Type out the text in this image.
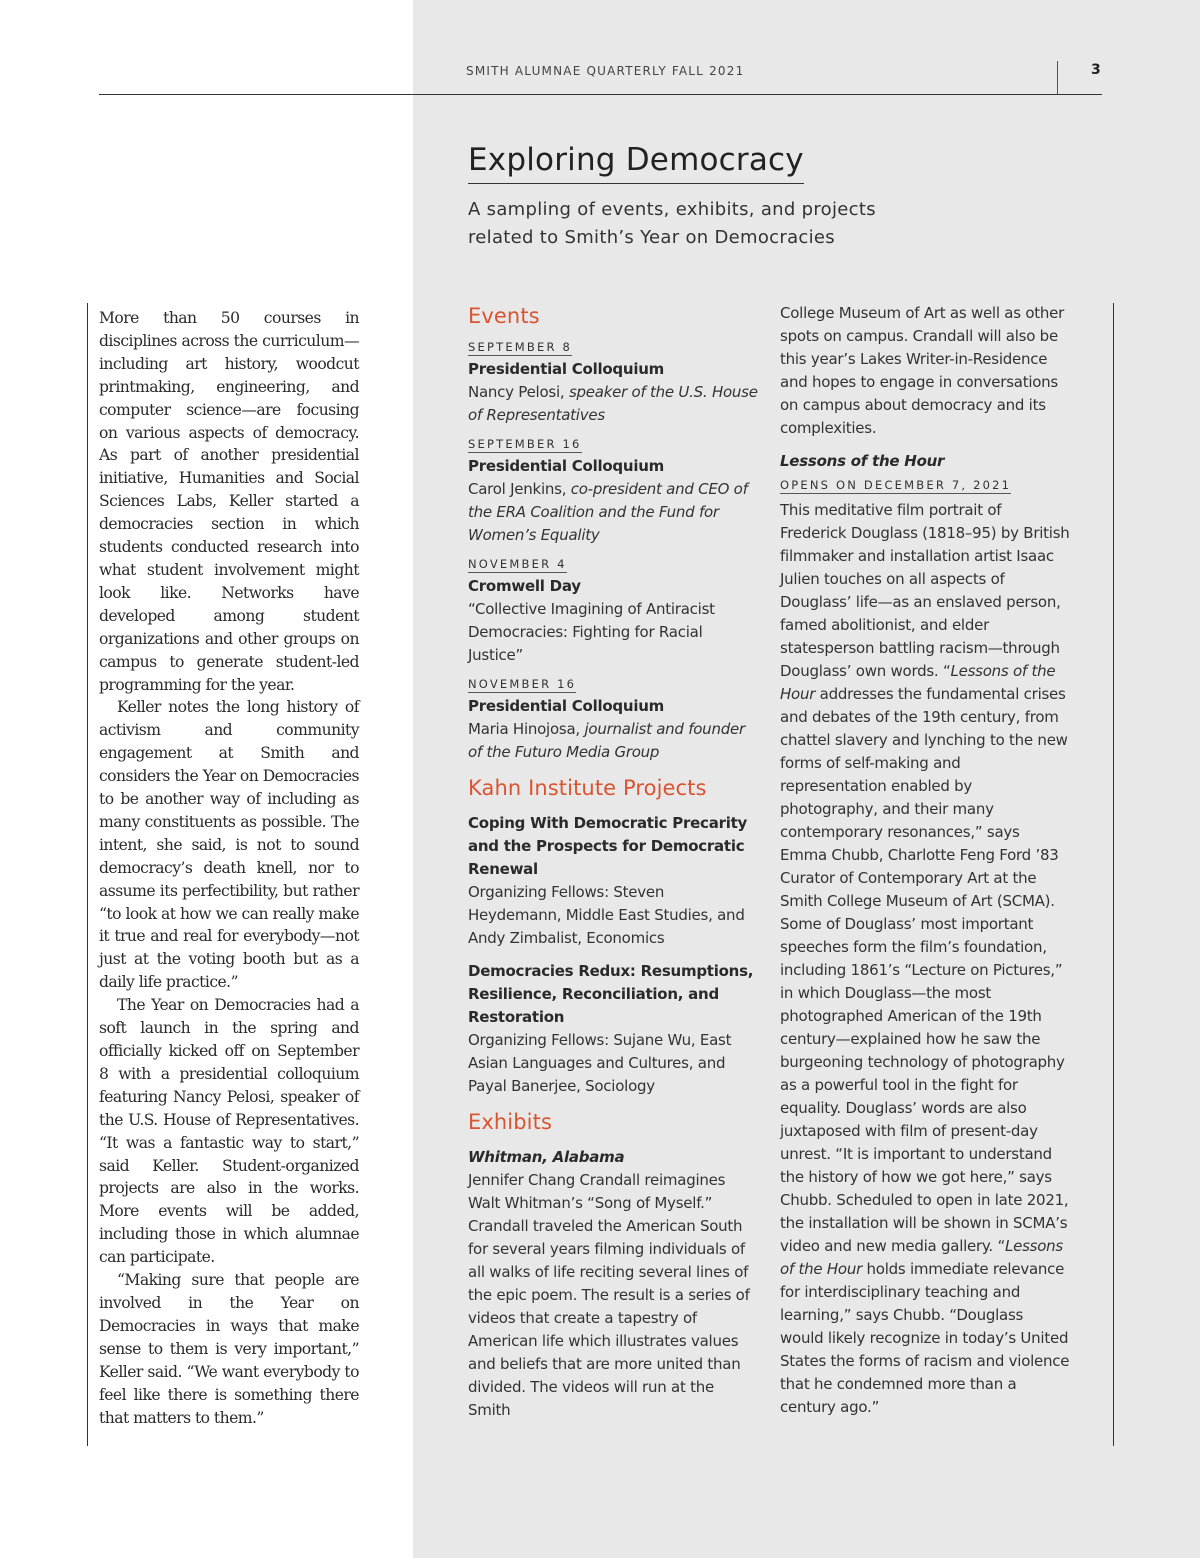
SMITH ALUMNAE QUARTERLY FALL 2021	3
Exploring Democracy

A sampling of events, exhibits, and projects related to Smith’s Year on Democracies

More than 50 courses in disciplines across the curriculum—including art history, woodcut printmaking, engineering, and computer science—are focusing on various aspects of democracy. As part of another presidential initiative, Humanities and Social Sciences Labs, Keller started a democracies section in which students conducted research into what student involvement might look like. Networks have developed among student organizations and other groups on campus to generate student-led programming for the year.

Keller notes the long history of activism and community engagement at Smith and considers the Year on Democracies to be another way of including as many constituents as possible. The intent, she said, is not to sound democracy’s death knell, nor to assume its perfectibility, but rather “to look at how we can really make it true and real for everybody—not just at the voting booth but as a daily life practice.”

The Year on Democracies had a soft launch in the spring and officially kicked off on September 8 with a presidential colloquium featuring Nancy Pelosi, speaker of the U.S. House of Representatives. “It was a fantastic way to start,” said Keller. Student-organized projects are also in the works. More events will be added, including those in which alumnae can participate.

“Making sure that people are involved in the Year on Democracies in ways that make sense to them is very important,” Keller said. “We want everybody to feel like there is something there that matters to them.”

Events
SEPTEMBER 8

Presidential Colloquium

Nancy Pelosi, speaker of the U.S. House of Representatives

SEPTEMBER 16

Presidential Colloquium

Carol Jenkins, co-president and CEO of the ERA Coalition and the Fund for Women’s Equality

NOVEMBER 4

Cromwell Day

“Collective Imagining of Antiracist Democracies: Fighting for Racial Justice”

NOVEMBER 16

Presidential Colloquium

Maria Hinojosa, journalist and founder of the Futuro Media Group

Kahn Institute Projects

Coping With Democratic Precarity and the Prospects for Democratic Renewal

Organizing Fellows: Steven Heydemann, Middle East Studies, and Andy Zimbalist, Economics

Democracies Redux: Resumptions, Resilience, Reconciliation, and Restoration

Organizing Fellows: Sujane Wu, East Asian Languages and Cultures, and Payal Banerjee, Sociology

Exhibits

Whitman, Alabama

Jennifer Chang Crandall reimagines Walt Whitman’s “Song of Myself.” Crandall traveled the American South for several years filming individuals of all walks of life reciting several lines of the epic poem. The result is a series of videos that create a tapestry of American life which illustrates values and beliefs that are more united than divided. The videos will run at the Smith

College Museum of Art as well as other spots on campus. Crandall will also be this year’s Lakes Writer-in-Residence and hopes to engage in conversations on campus about democracy and its complexities.

Lessons of the Hour

OPENS ON DECEMBER 7, 2021

This meditative film portrait of Frederick Douglass (1818–95) by British filmmaker and installation artist Isaac Julien touches on all aspects of Douglass’ life—as an enslaved person, famed abolitionist, and elder statesperson battling racism—through Douglass’ own words. “Lessons of the Hour addresses the fundamental crises and debates of the 19th century, from chattel slavery and lynching to the new forms of self-making and representation enabled by photography, and their many contemporary resonances,” says Emma Chubb, Charlotte Feng Ford ’83 Curator of Contemporary Art at the Smith College Museum of Art (SCMA). Some of Douglass’ most important speeches form the film’s foundation, including 1861’s “Lecture on Pictures,” in which Douglass—the most photographed American of the 19th century—explained how he saw the burgeoning technology of photography as a powerful tool in the fight for equality. Douglass’ words are also juxtaposed with film of present-day unrest. “It is important to understand the history of how we got here,” says Chubb. Scheduled to open in late 2021, the installation will be shown in SCMA’s video and new media gallery. “Lessons of the Hour holds immediate relevance for interdisciplinary teaching and learning,” says Chubb. “Douglass would likely recognize in today’s United States the forms of racism and violence that he condemned more than a century ago.”
